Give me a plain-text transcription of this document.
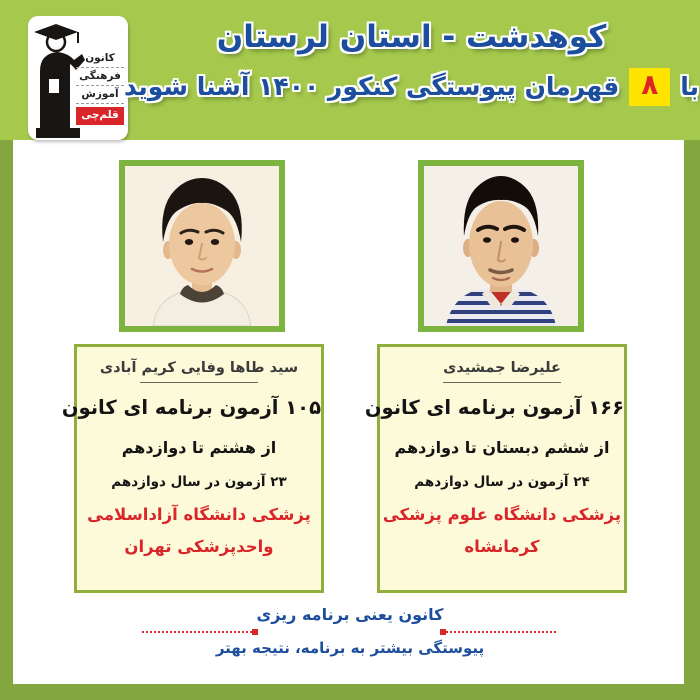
کانون
فرهنگی
آموزش
قلم‌چی
کوهدشت - استان لرستان
با
۸
قهرمان پیوستگی کنکور ۱۴۰۰ آشنا شوید
سید طاها وفایی کریم آبادی
۱۰۵ آزمون برنامه ای کانون
از هشتم تا دوازدهم
۲۳ آزمون در سال دوازدهم
پزشکی دانشگاه آزاداسلامی
واحدپزشکی تهران
علیرضا جمشیدی
۱۶۶ آزمون برنامه ای کانون
از ششم دبستان تا دوازدهم
۲۴ آزمون در سال دوازدهم
پزشکی دانشگاه علوم پزشکی
کرمانشاه
کانون یعنی برنامه ریزی
پیوستگی بیشتر به برنامه، نتیجه بهتر
